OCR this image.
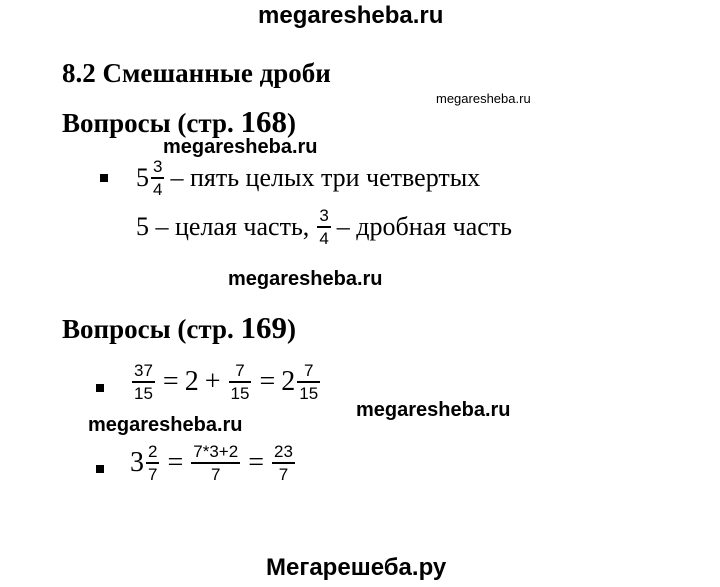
megaresheba.ru
megaresheba.ru
megaresheba.ru
megaresheba.ru
megaresheba.ru
megaresheba.ru
Мегарешеба.ру
8.2 Смешанные дроби
Вопросы (стр. 168)
$5 \frac{3}{4}$ – пять целых три четвертых
5 – целая часть, $\frac{3}{4}$ – дробная часть
Вопросы (стр. 169)
$\frac{37}{15} = 2 + \frac{7}{15} = 2 \frac{7}{15}$
$3 \frac{2}{7} = \frac{7*3+2}{7} = \frac{23}{7}$
